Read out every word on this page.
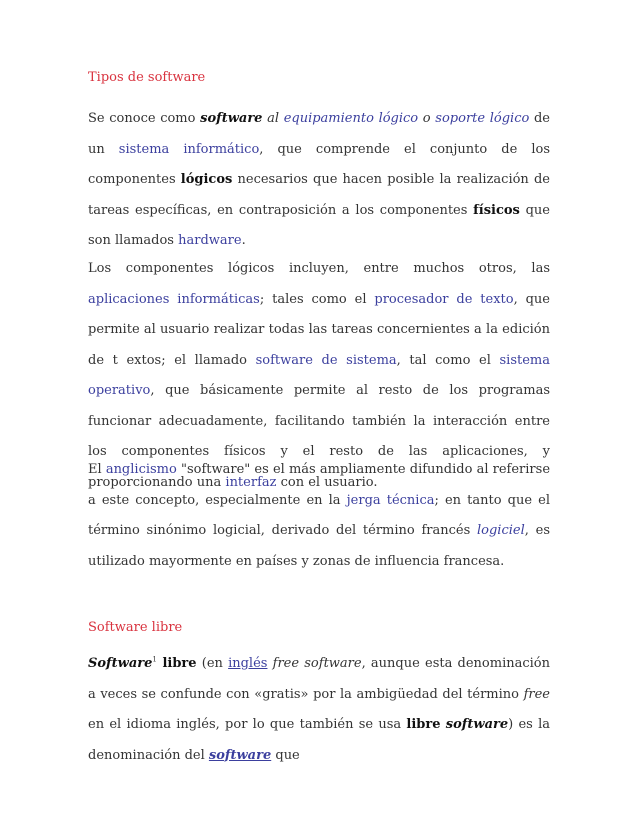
Tipos de software

Se conoce como software al equipamiento lógico o soporte lógico de un sistema informático, que comprende el conjunto de los componentes lógicos necesarios que hacen posible la realización de tareas específicas, en contraposición a los componentes físicos que son llamados hardware.

Los componentes lógicos incluyen, entre muchos otros, las aplicaciones informáticas; tales como el procesador de texto, que permite al usuario realizar todas las tareas concernientes a la edición de t extos; el llamado software de sistema, tal como el sistema operativo, que básicamente permite al resto de los programas funcionar adecuadamente, facilitando también la interacción entre los componentes físicos y el resto de las aplicaciones, y proporcionando una interfaz con el usuario.

El anglicismo "software" es el más ampliamente difundido al referirse a este concepto, especialmente en la jerga técnica; en tanto que el término sinónimo logicial, derivado del término francés logiciel, es utilizado mayormente en países y zonas de influencia francesa.

Software libre

Software$^1$ libre (en inglés free software, aunque esta denominación a veces se confunde con «gratis» por la ambigüedad del término free en el idioma inglés, por lo que también se usa libre software) es la denominación del software que
